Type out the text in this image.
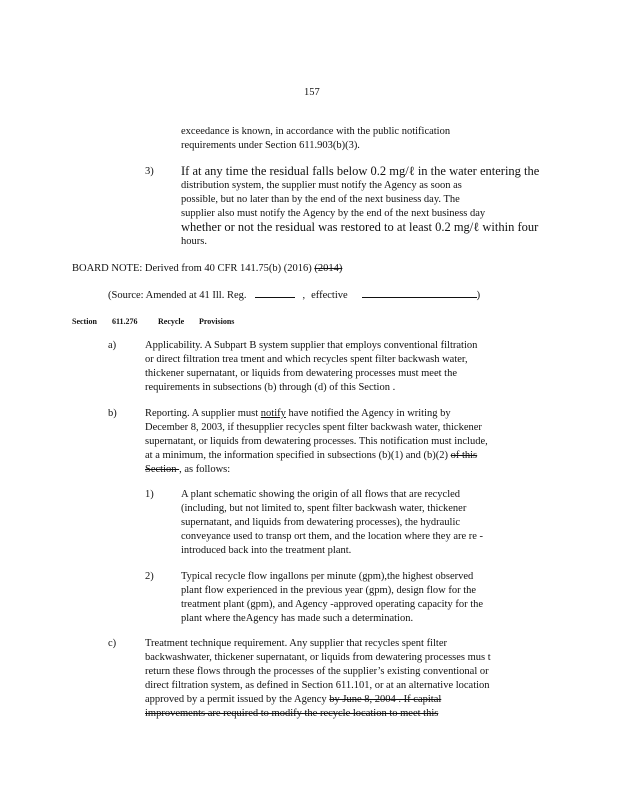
157
exceedance is known, in accordance with the public notification
requirements under Section 611.903(b)(3).
3) If at any time the residual falls below 0.2 mg/ℓ in the water entering the
distribution system, the supplier must notify the Agency as soon as
possible, but no later than by the end of the next business day. The
supplier also must notify the Agency by the end of the next business day
whether or not the residual was restored to at least 0.2 mg/ℓ within four
hours.
BOARD NOTE: Derived from 40 CFR 141.75(b) (2016) (2014)
(Source: Amended at 41 Ill. Reg.	, effective	)
Section 611.276	Recycle Provisions
a)	Applicability. A Subpart B system supplier that employs conventional filtration
or direct filtration trea tment and which recycles spent filter backwash water,
thickener supernatant, or liquids from dewatering processes must meet the
requirements in subsections (b) through (d) of this Section .
b)	Reporting. A supplier must notify have notified the Agency in writing by
December 8, 2003, if thesupplier recycles spent filter backwash water, thickener
supernatant, or liquids from dewatering processes. This notification must include,
at a minimum, the information specified in subsections (b)(1) and (b)(2) of this
Section , as follows:
1)	A plant schematic showing the origin of all flows that are recycled
(including, but not limited to, spent filter backwash water, thickener
supernatant, and liquids from dewatering processes), the hydraulic
conveyance used to transp ort them, and the location where they are re -
introduced back into the treatment plant.
2)	Typical recycle flow ingallons per minute (gpm),the highest observed
plant flow experienced in the previous year (gpm), design flow for the
treatment plant (gpm), and Agency -approved operating capacity for the
plant where theAgency has made such a determination.
c)	Treatment technique requirement. Any supplier that recycles spent filter
backwashwater, thickener supernatant, or liquids from dewatering processes mus t
return these flows through the processes of the supplier’s existing conventional or
direct filtration system, as defined in Section 611.101, or at an alternative location
approved by a permit issued by the Agency by June 8, 2004 . If capital
improvements are required to modify the recycle location to meet this
